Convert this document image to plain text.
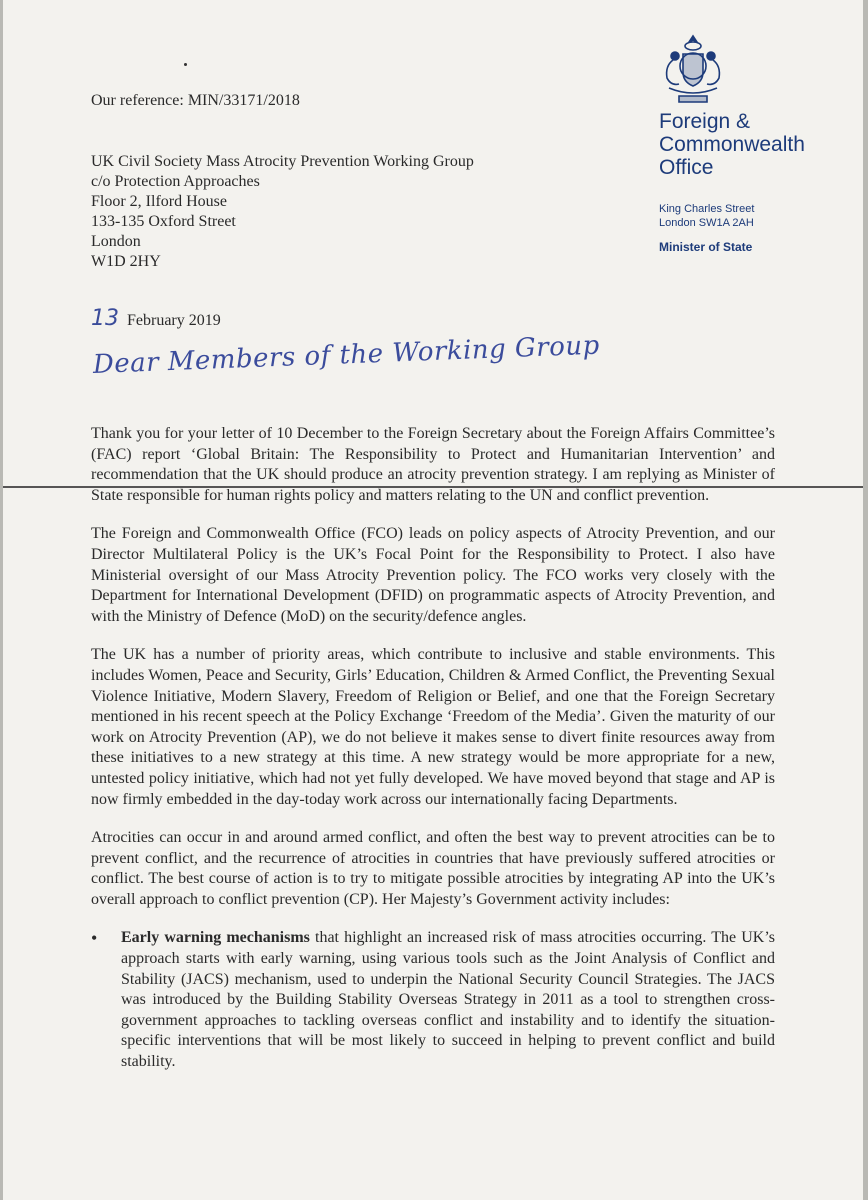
Foreign &
Commonwealth
Office
King Charles Street
London SW1A 2AH
Minister of State
Our reference: MIN/33171/2018
UK Civil Society Mass Atrocity Prevention Working Group
c/o Protection Approaches
Floor 2, Ilford House
133-135 Oxford Street
London
W1D 2HY
13 February 2019
Dear Members of the Working Group

Thank you for your letter of 10 December to the Foreign Secretary about the Foreign Affairs Committee’s (FAC) report ‘Global Britain: The Responsibility to Protect and Humanitarian Intervention’ and recommendation that the UK should produce an atrocity prevention strategy. I am replying as Minister of State responsible for human rights policy and matters relating to the UN and conflict prevention.

The Foreign and Commonwealth Office (FCO) leads on policy aspects of Atrocity Prevention, and our Director Multilateral Policy is the UK’s Focal Point for the Responsibility to Protect. I also have Ministerial oversight of our Mass Atrocity Prevention policy. The FCO works very closely with the Department for International Development (DFID) on programmatic aspects of Atrocity Prevention, and with the Ministry of Defence (MoD) on the security/defence angles.

The UK has a number of priority areas, which contribute to inclusive and stable environments. This includes Women, Peace and Security, Girls’ Education, Children & Armed Conflict, the Preventing Sexual Violence Initiative, Modern Slavery, Freedom of Religion or Belief, and one that the Foreign Secretary mentioned in his recent speech at the Policy Exchange ‘Freedom of the Media’. Given the maturity of our work on Atrocity Prevention (AP), we do not believe it makes sense to divert finite resources away from these initiatives to a new strategy at this time. A new strategy would be more appropriate for a new, untested policy initiative, which had not yet fully developed. We have moved beyond that stage and AP is now firmly embedded in the day-today work across our internationally facing Departments.

Atrocities can occur in and around armed conflict, and often the best way to prevent atrocities can be to prevent conflict, and the recurrence of atrocities in countries that have previously suffered atrocities or conflict. The best course of action is to try to mitigate possible atrocities by integrating AP into the UK’s overall approach to conflict prevention (CP). Her Majesty’s Government activity includes:

•	Early warning mechanisms that highlight an increased risk of mass atrocities occurring. The UK’s approach starts with early warning, using various tools such as the Joint Analysis of Conflict and Stability (JACS) mechanism, used to underpin the National Security Council Strategies. The JACS was introduced by the Building Stability Overseas Strategy in 2011 as a tool to strengthen cross-government approaches to tackling overseas conflict and instability and to identify the situation-specific interventions that will be most likely to succeed in helping to prevent conflict and build stability.
